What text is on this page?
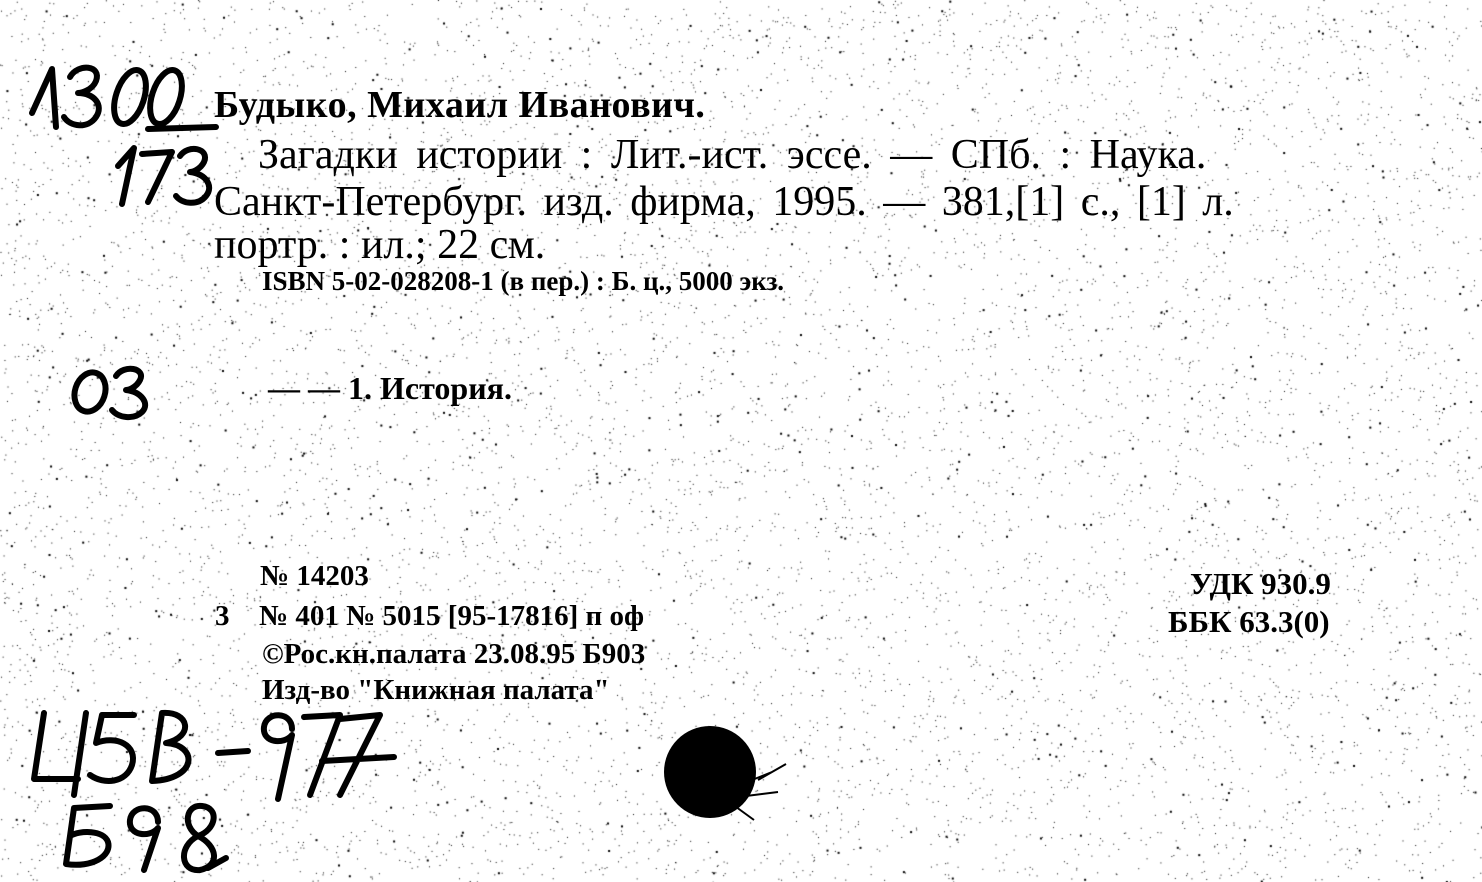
Будыко, Михаил Иванович.
Загадки истории : Лит.-ист. эссе. — СПб. : Наука.
Санкт-Петербург. изд. фирма, 1995. — 381,[1] с., [1] л.
портр. : ил.; 22 см.
ISBN 5-02-028208-1 (в пер.) : Б. ц., 5000 экз.
— — 1. История.
№ 14203
3 № 401 № 5015 [95-17816] п оф
©Рос.кн.палата 23.08.95 Б903
Изд-во "Книжная палата"
УДК 930.9
ББК 63.3(0)
